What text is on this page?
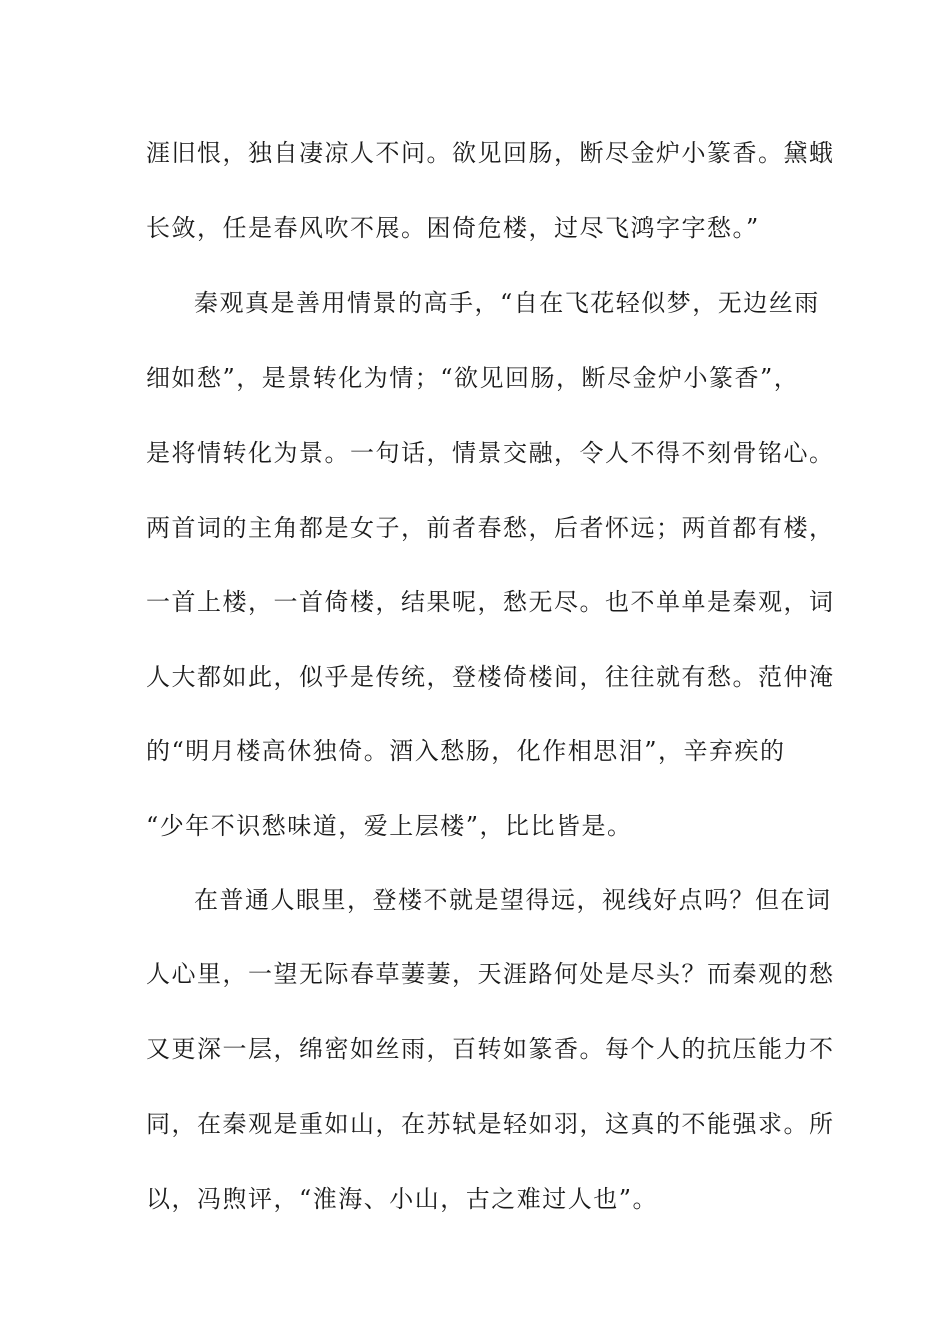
涯旧恨，独自凄凉人不问。欲见回肠，断尽金炉小篆香。黛蛾
长敛，任是春风吹不展。困倚危楼，过尽飞鸿字字愁。”
秦观真是善用情景的高手，“自在飞花轻似梦，无边丝雨
细如愁”，是景转化为情；“欲见回肠，断尽金炉小篆香”，
是将情转化为景。一句话，情景交融，令人不得不刻骨铭心。
两首词的主角都是女子，前者春愁，后者怀远；两首都有楼，
一首上楼，一首倚楼，结果呢，愁无尽。也不单单是秦观，词
人大都如此，似乎是传统，登楼倚楼间，往往就有愁。范仲淹
的“明月楼高休独倚。酒入愁肠，化作相思泪”，辛弃疾的
“少年不识愁味道，爱上层楼”，比比皆是。
在普通人眼里，登楼不就是望得远，视线好点吗？但在词
人心里，一望无际春草萋萋，天涯路何处是尽头？而秦观的愁
又更深一层，绵密如丝雨，百转如篆香。每个人的抗压能力不
同，在秦观是重如山，在苏轼是轻如羽，这真的不能强求。所
以，冯煦评，“淮海、小山，古之难过人也”。
